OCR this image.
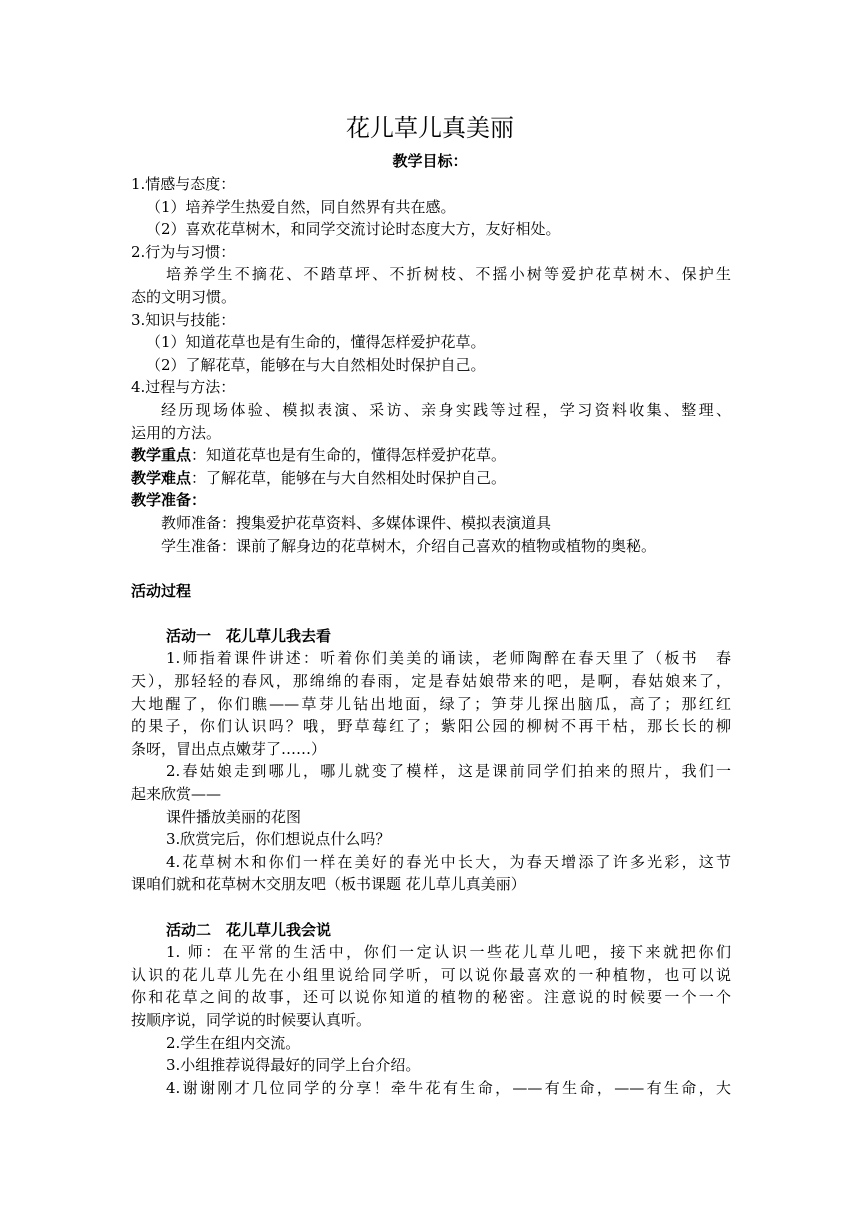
花儿草儿真美丽
教学目标：
1.情感与态度：
（1）培养学生热爱自然，同自然界有共在感。
（2）喜欢花草树木，和同学交流讨论时态度大方，友好相处。
2.行为与习惯：
培养学生不摘花、不踏草坪、不折树枝、不摇小树等爱护花草树木、保护生
态的文明习惯。
3.知识与技能：
（1）知道花草也是有生命的，懂得怎样爱护花草。
（2）了解花草，能够在与大自然相处时保护自己。
4.过程与方法：
经历现场体验、模拟表演、采访、亲身实践等过程，学习资料收集、整理、
运用的方法。
教学重点：知道花草也是有生命的，懂得怎样爱护花草。
教学难点：了解花草，能够在与大自然相处时保护自己。
教学准备：
教师准备：搜集爱护花草资料、多媒体课件、模拟表演道具
学生准备：课前了解身边的花草树木，介绍自己喜欢的植物或植物的奥秘。
活动过程
活动一　花儿草儿我去看
1.师指着课件讲述：听着你们美美的诵读，老师陶醉在春天里了（板书　春
天），那轻轻的春风，那绵绵的春雨，定是春姑娘带来的吧，是啊，春姑娘来了，
大地醒了，你们瞧——草芽儿钻出地面，绿了；笋芽儿探出脑瓜，高了；那红红
的果子，你们认识吗？哦，野草莓红了；紫阳公园的柳树不再干枯，那长长的柳
条呀，冒出点点嫩芽了……）
2.春姑娘走到哪儿，哪儿就变了模样，这是课前同学们拍来的照片，我们一
起来欣赏——
课件播放美丽的花图
3.欣赏完后，你们想说点什么吗？
4.花草树木和你们一样在美好的春光中长大，为春天增添了许多光彩，这节
课咱们就和花草树木交朋友吧（板书课题 花儿草儿真美丽）
活动二　花儿草儿我会说
1. 师：在平常的生活中，你们一定认识一些花儿草儿吧，接下来就把你们
认识的花儿草儿先在小组里说给同学听，可以说你最喜欢的一种植物，也可以说
你和花草之间的故事，还可以说你知道的植物的秘密。注意说的时候要一个一个
按顺序说，同学说的时候要认真听。
2.学生在组内交流。
3.小组推荐说得最好的同学上台介绍。
4.谢谢刚才几位同学的分享！牵牛花有生命，——有生命，——有生命，大
